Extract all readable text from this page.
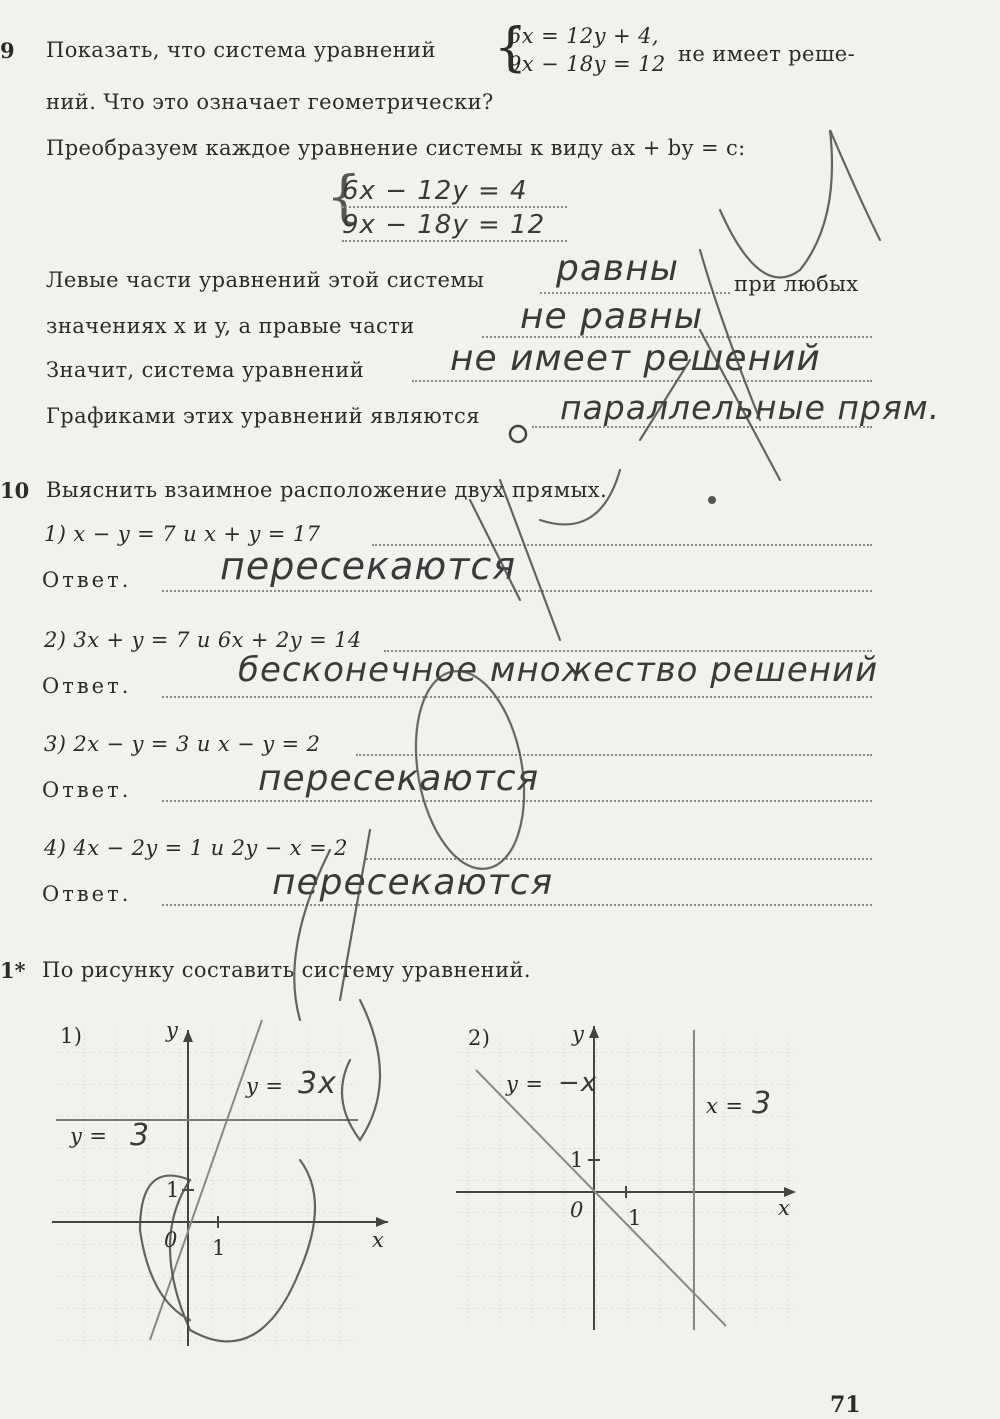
9 Показать, что система уравнений {
6x = 12y + 4,
9x − 18y = 12 не имеет реше-
ний. Что это означает геометрически?
Преобразуем каждое уравнение системы к виду ax + by = c:
{
6x − 12y = 4
9x − 18y = 12
Левые части уравнений этой системы равны	при любых
значениях x и y, а правые части	не равны
Значит, система уравнений не имеет решений
Графиками этих уравнений являются параллельные прям.
10 Выяснить взаимное расположение двух прямых.
1) x − y = 7 и x + y = 17
Ответ. пересекаются
2) 3x + y = 7 и 6x + 2y = 14
Ответ.	бесконечное множество решений
3) 2x − y = 3 и x − y = 2
Ответ.	пересекаются
4) 4x − 2y = 1 и 2y − x = 2
Ответ.	пересекаются
1* По рисунку составить систему уравнений.
1)	y
x
0 1
1
y = 3x
y = 3
2)	y
x
0 1
1
y = −x
x = 3
71
